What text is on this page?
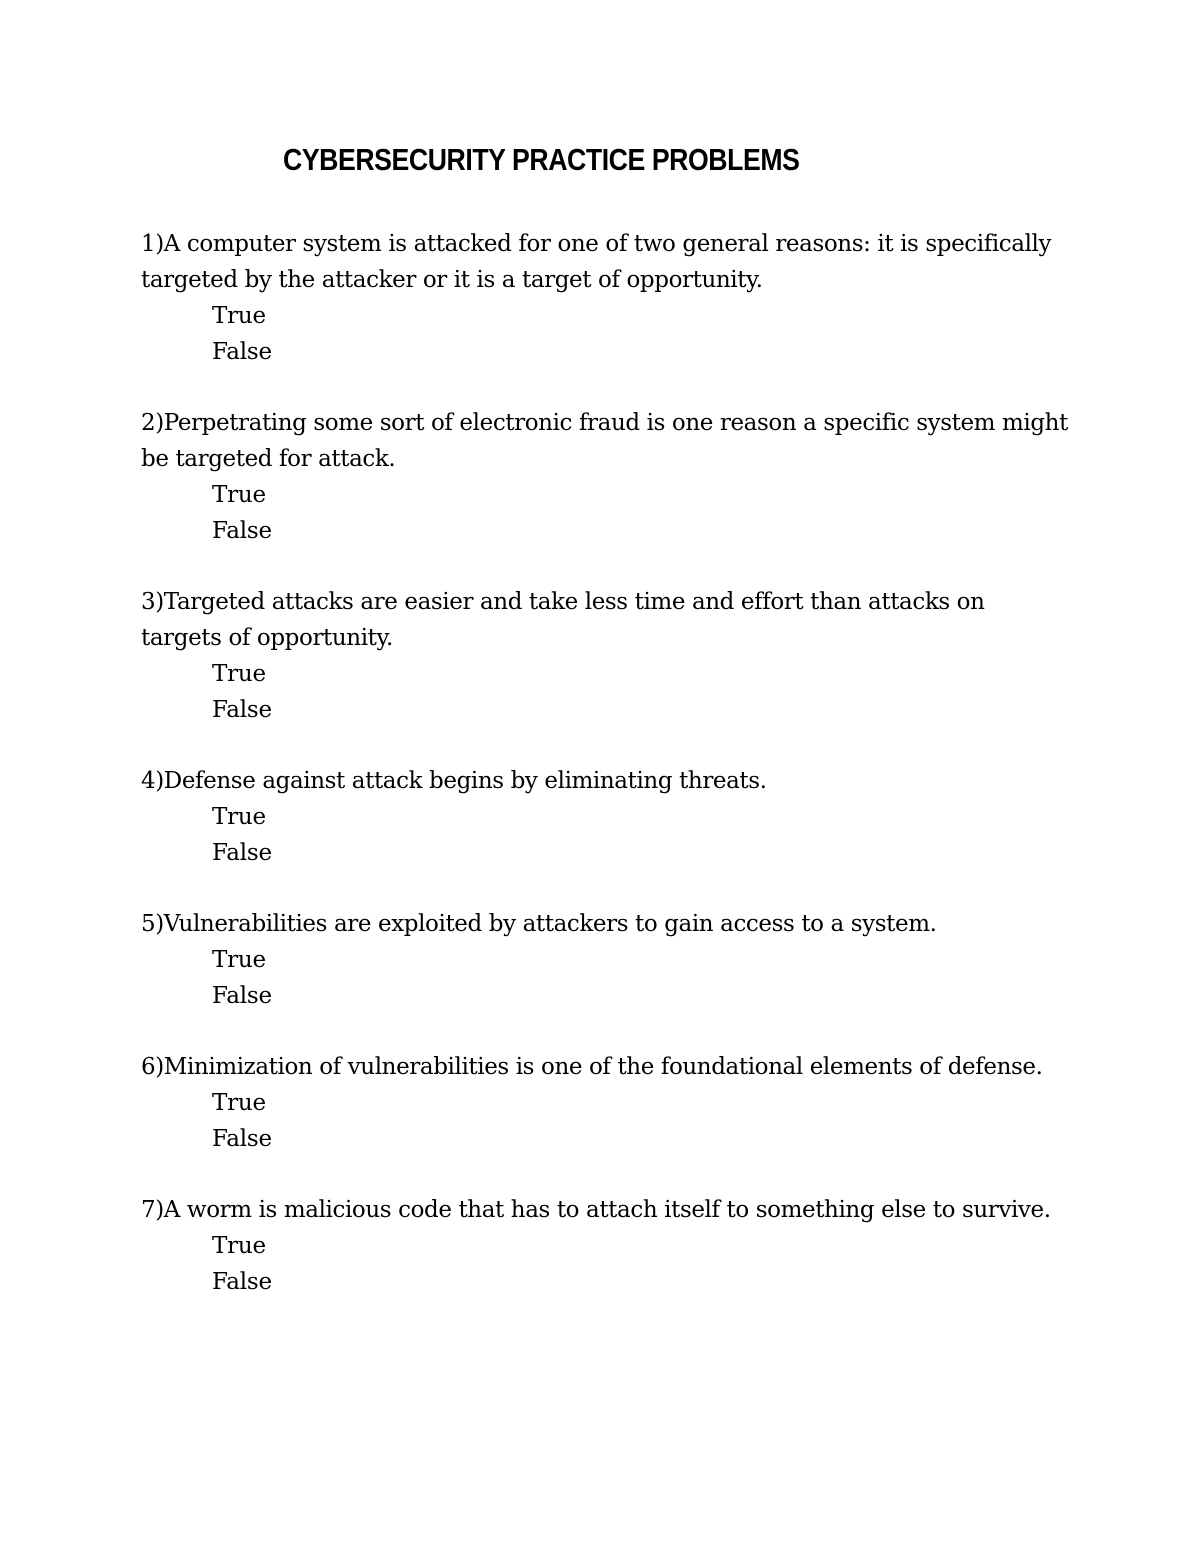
CYBERSECURITY PRACTICE PROBLEMS
1)A computer system is attacked for one of two general reasons: it is specifically targeted by the attacker or it is a target of opportunity.
True
False
2)Perpetrating some sort of electronic fraud is one reason a specific system might be targeted for attack.
True
False
3)Targeted attacks are easier and take less time and effort than attacks on targets of opportunity.
True
False
4)Defense against attack begins by eliminating threats.
True
False
5)Vulnerabilities are exploited by attackers to gain access to a system.
True
False
6)Minimization of vulnerabilities is one of the foundational elements of defense.
True
False
7)A worm is malicious code that has to attach itself to something else to survive.
True
False
